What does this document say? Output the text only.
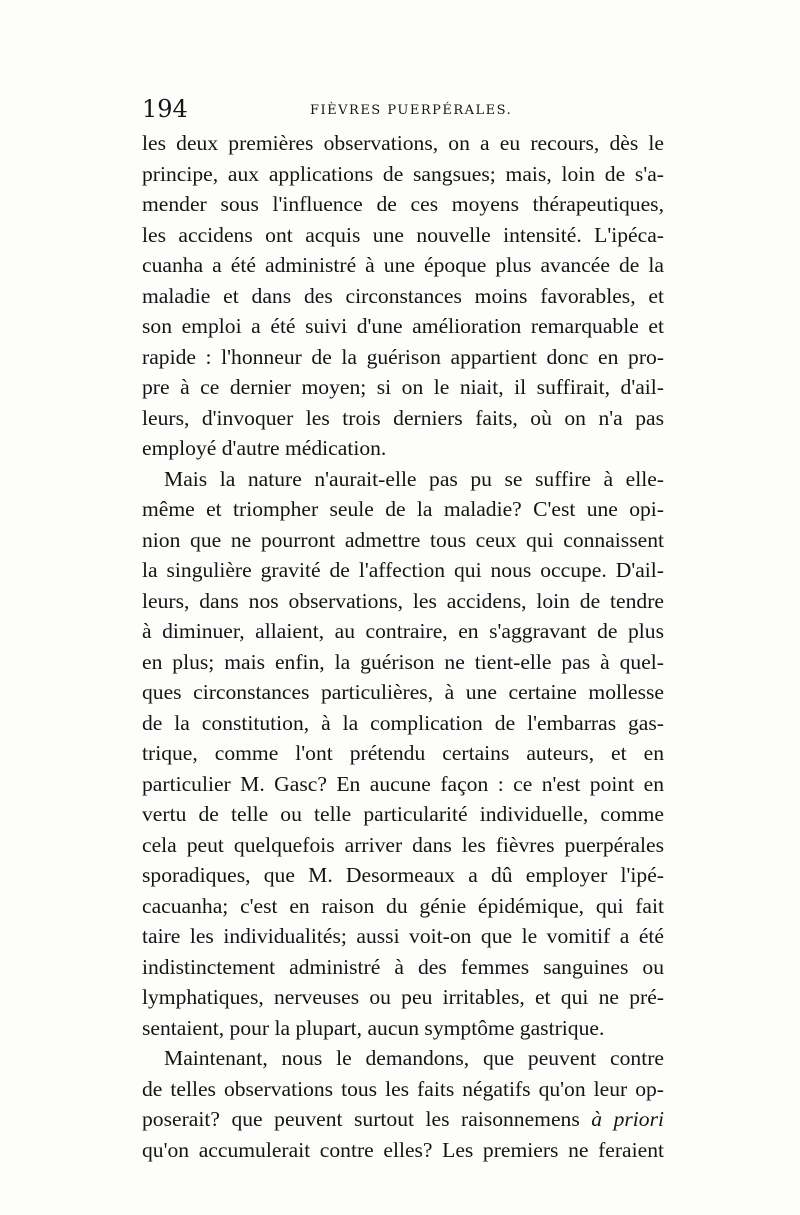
194	FIÈVRES PUERPÉRALES.
les deux premières observations, on a eu recours, dès le
principe, aux applications de sangsues; mais, loin de s'a-
mender sous l'influence de ces moyens thérapeutiques,
les accidens ont acquis une nouvelle intensité. L'ipéca-
cuanha a été administré à une époque plus avancée de la
maladie et dans des circonstances moins favorables, et
son emploi a été suivi d'une amélioration remarquable et
rapide : l'honneur de la guérison appartient donc en pro-
pre à ce dernier moyen; si on le niait, il suffirait, d'ail-
leurs, d'invoquer les trois derniers faits, où on n'a pas
employé d'autre médication.
Mais la nature n'aurait-elle pas pu se suffire à elle-
même et triompher seule de la maladie? C'est une opi-
nion que ne pourront admettre tous ceux qui connaissent
la singulière gravité de l'affection qui nous occupe. D'ail-
leurs, dans nos observations, les accidens, loin de tendre
à diminuer, allaient, au contraire, en s'aggravant de plus
en plus; mais enfin, la guérison ne tient-elle pas à quel-
ques circonstances particulières, à une certaine mollesse
de la constitution, à la complication de l'embarras gas-
trique, comme l'ont prétendu certains auteurs, et en
particulier M. Gasc? En aucune façon : ce n'est point en
vertu de telle ou telle particularité individuelle, comme
cela peut quelquefois arriver dans les fièvres puerpérales
sporadiques, que M. Desormeaux a dû employer l'ipé-
cacuanha; c'est en raison du génie épidémique, qui fait
taire les individualités; aussi voit-on que le vomitif a été
indistinctement administré à des femmes sanguines ou
lymphatiques, nerveuses ou peu irritables, et qui ne pré-
sentaient, pour la plupart, aucun symptôme gastrique.
Maintenant, nous le demandons, que peuvent contre
de telles observations tous les faits négatifs qu'on leur op-
poserait? que peuvent surtout les raisonnemens à priori
qu'on accumulerait contre elles? Les premiers ne feraient
